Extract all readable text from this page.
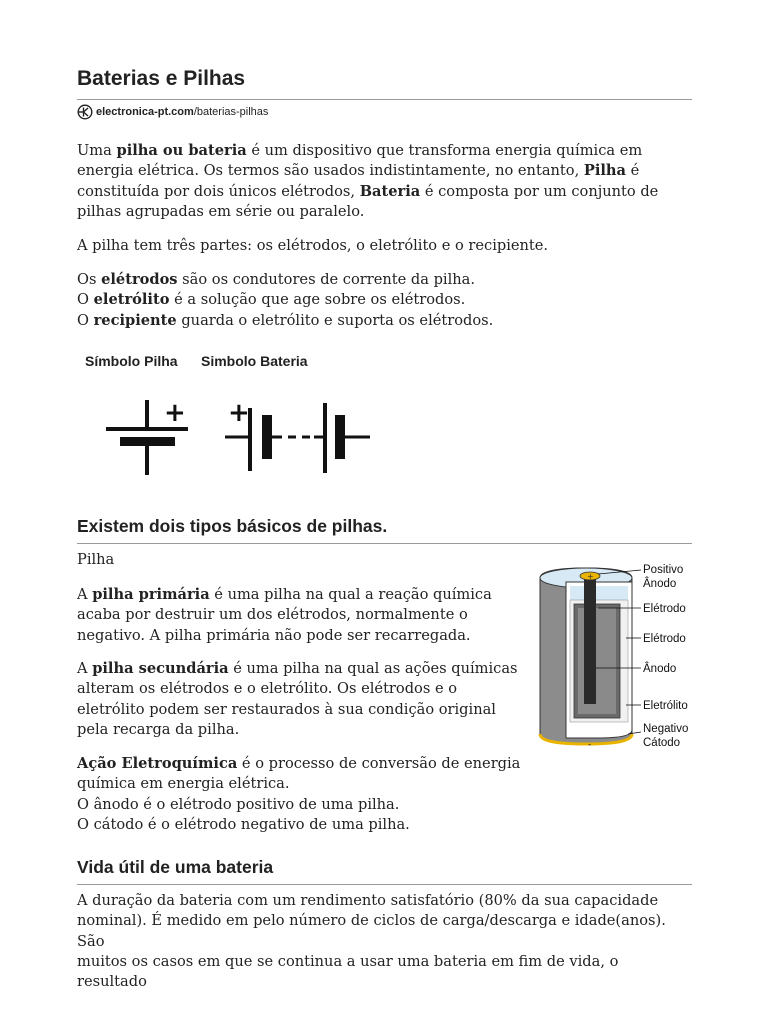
Baterias e Pilhas
electronica-pt.com /baterias-pilhas

Uma pilha ou bateria é um dispositivo que transforma energia química em
energia elétrica. Os termos são usados indistintamente, no entanto, Pilha é
constituída por dois únicos elétrodos, Bateria é composta por um conjunto de
pilhas agrupadas em série ou paralelo.

A pilha tem três partes: os elétrodos, o eletrólito e o recipiente.

Os elétrodos são os condutores de corrente da pilha.
O eletrólito é a solução que age sobre os elétrodos.
O recipiente guarda o eletrólito e suporta os elétrodos.

Símbolo Pilha Simbolo Bateria
+ +
Existem dois tipos básicos de pilhas.

Pilha

A pilha primária é uma pilha na qual a reação química
acaba por destruir um dos elétrodos, normalmente o
negativo. A pilha primária não pode ser recarregada.

A pilha secundária é uma pilha na qual as ações químicas
alteram os elétrodos e o eletrólito. Os elétrodos e o
eletrólito podem ser restaurados à sua condição original
pela recarga da pilha.

Ação Eletroquímica é o processo de conversão de energia
química em energia elétrica.
O ânodo é o elétrodo positivo de uma pilha.
O cátodo é o elétrodo negativo de uma pilha.

Vida útil de uma bateria

A duração da bateria com um rendimento satisfatório (80% da sua capacidade
nominal). É medido em pelo número de ciclos de carga/descarga e idade(anos). São
muitos os casos em que se continua a usar uma bateria em fim de vida, o resultado

+
-
Positivo
Ânodo
Elétrodo
Elétrodo
Ânodo
Eletrólito
Negativo
Cátodo
